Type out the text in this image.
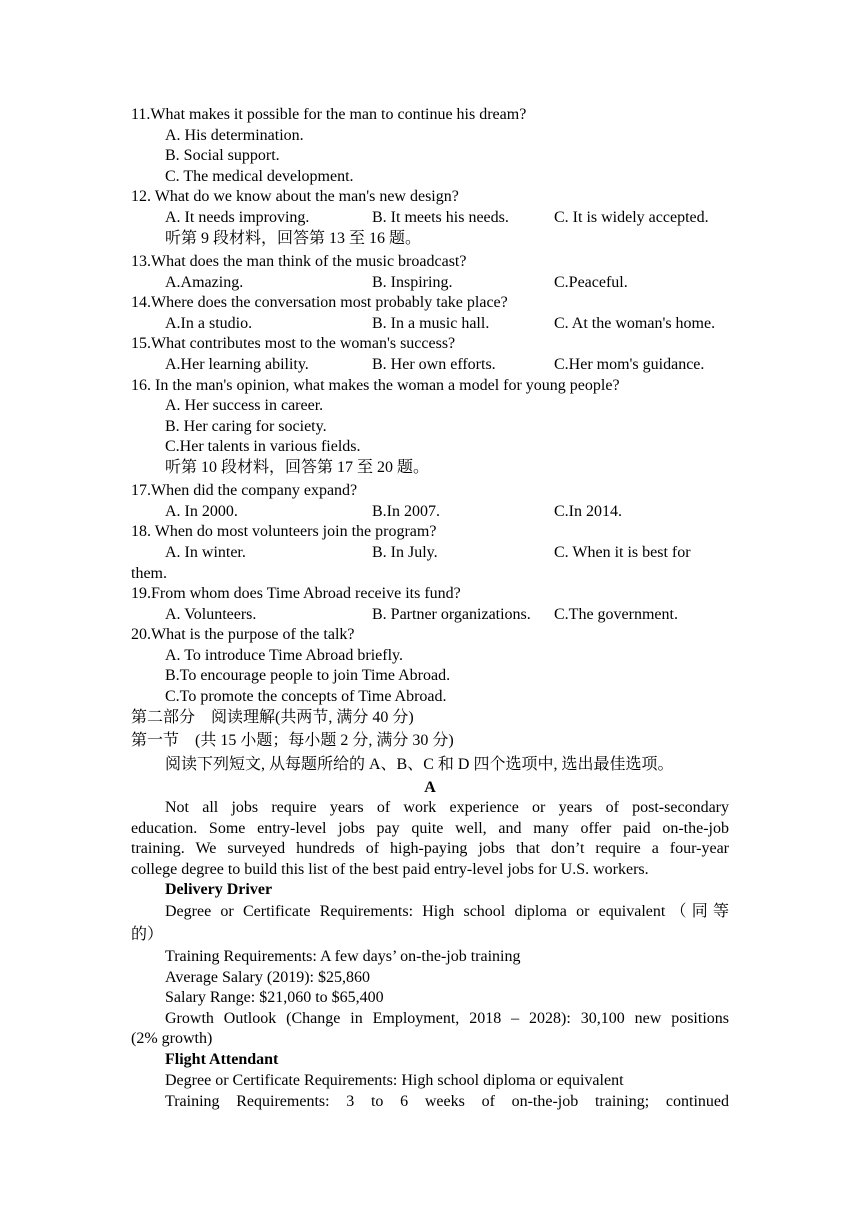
11.What makes it possible for the man to continue his dream?
A. His determination.
B. Social support.
C. The medical development.
12. What do we know about the man's new design?
A. It needs improving.	B. It meets his needs.	C. It is widely accepted.
听第 9 段材料，回答第 13 至 16 题。
13.What does the man think of the music broadcast?
A.Amazing.	B. Inspiring.	C.Peaceful.
14.Where does the conversation most probably take place?
A.In a studio.	B. In a music hall.	C. At the woman's home.
15.What contributes most to the woman's success?
A.Her learning ability.	B. Her own efforts.	C.Her mom's guidance.
16. In the man's opinion, what makes the woman a model for young people?
A. Her success in career.
B. Her caring for society.
C.Her talents in various fields.
听第 10 段材料，回答第 17 至 20 题。
17.When did the company expand?
A. In 2000.	B.In 2007.	C.In 2014.
18. When do most volunteers join the program?
A. In winter.	B. In July.	C. When it is best for
them.
19.From whom does Time Abroad receive its fund?
A. Volunteers.	B. Partner organizations. C.The government.
20.What is the purpose of the talk?
A. To introduce Time Abroad briefly.
B.To encourage people to join Time Abroad.
C.To promote the concepts of Time Abroad.
第二部分　阅读理解(共两节, 满分 40 分)
第一节　(共 15 小题；每小题 2 分, 满分 30 分)
阅读下列短文, 从每题所给的 A、B、C 和 D 四个选项中, 选出最佳选项。
A
Not all jobs require years of work experience or years of post-secondary
education. Some entry-level jobs pay quite well, and many offer paid on-the-job
training. We surveyed hundreds of high-paying jobs that don’t require a four-year
college degree to build this list of the best paid entry-level jobs for U.S. workers.
Delivery Driver
Degree or Certificate Requirements: High school diploma or equivalent（同等
的）
Training Requirements: A few days’ on-the-job training
Average Salary (2019): $25,860
Salary Range: $21,060 to $65,400
Growth Outlook (Change in Employment, 2018 – 2028): 30,100 new positions
(2% growth)
Flight Attendant
Degree or Certificate Requirements: High school diploma or equivalent
Training Requirements: 3 to 6 weeks of on-the-job training; continued
